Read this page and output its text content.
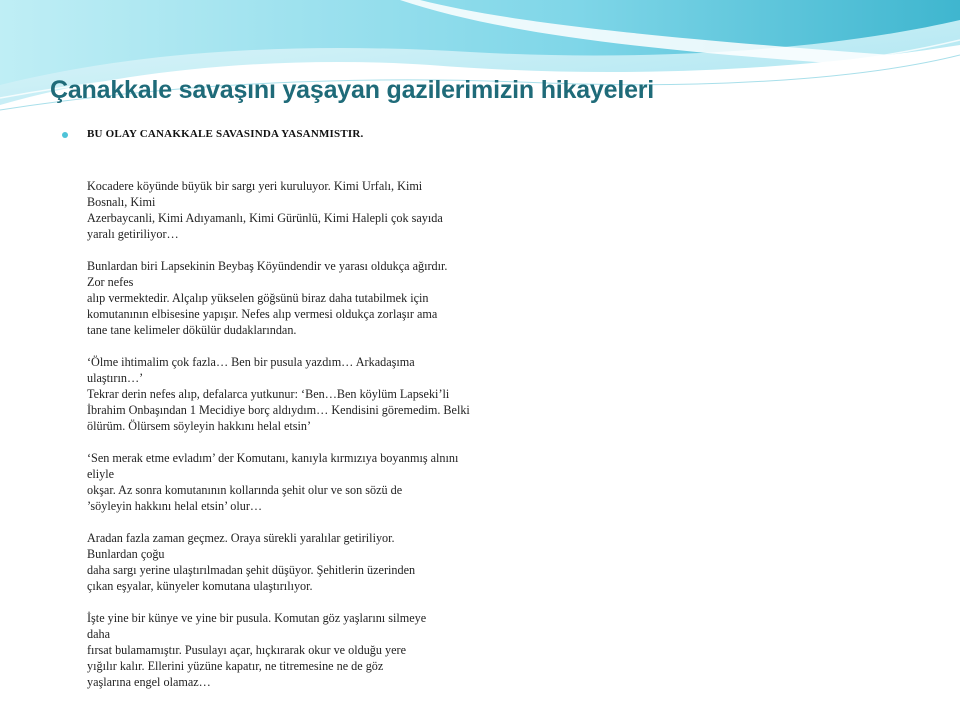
Çanakkale savaşını yaşayan gazilerimizin hikayeleri
BU OLAY CANAKKALE SAVASINDA YASANMISTIR.
Kocadere köyünde büyük bir sargı yeri kuruluyor. Kimi Urfalı, Kimi
Bosnalı, Kimi
Azerbaycanli, Kimi Adıyamanlı, Kimi Gürünlü, Kimi Halepli çok sayıda
yaralı getiriliyor…
Bunlardan biri Lapsekinin Beybaş Köyündendir ve yarası oldukça ağırdır.
Zor nefes
alıp vermektedir. Alçalıp yükselen göğsünü biraz daha tutabilmek için
komutanının elbisesine yapışır. Nefes alıp vermesi oldukça zorlaşır ama
tane tane kelimeler dökülür dudaklarından.
‘Ölme ihtimalim çok fazla… Ben bir pusula yazdım… Arkadaşıma
ulaştırın…’
Tekrar derin nefes alıp, defalarca yutkunur: ‘Ben…Ben köylüm Lapseki’li
İbrahim Onbaşından 1 Mecidiye borç aldıydım… Kendisini göremedim. Belki
ölürüm. Ölürsem söyleyin hakkını helal etsin’
‘Sen merak etme evladım’ der Komutanı, kanıyla kırmızıya boyanmış alnını
eliyle
okşar. Az sonra komutanının kollarında şehit olur ve son sözü de
’söyleyin hakkını helal etsin’ olur…
Aradan fazla zaman geçmez. Oraya sürekli yaralılar getiriliyor.
Bunlardan çoğu
daha sargı yerine ulaştırılmadan şehit düşüyor. Şehitlerin üzerinden
çıkan eşyalar, künyeler komutana ulaştırılıyor.
İşte yine bir künye ve yine bir pusula. Komutan göz yaşlarını silmeye
daha
fırsat bulamamıştır. Pusulayı açar, hıçkırarak okur ve olduğu yere
yığılır kalır. Ellerini yüzüne kapatır, ne titremesine ne de göz
yaşlarına engel olamaz…
